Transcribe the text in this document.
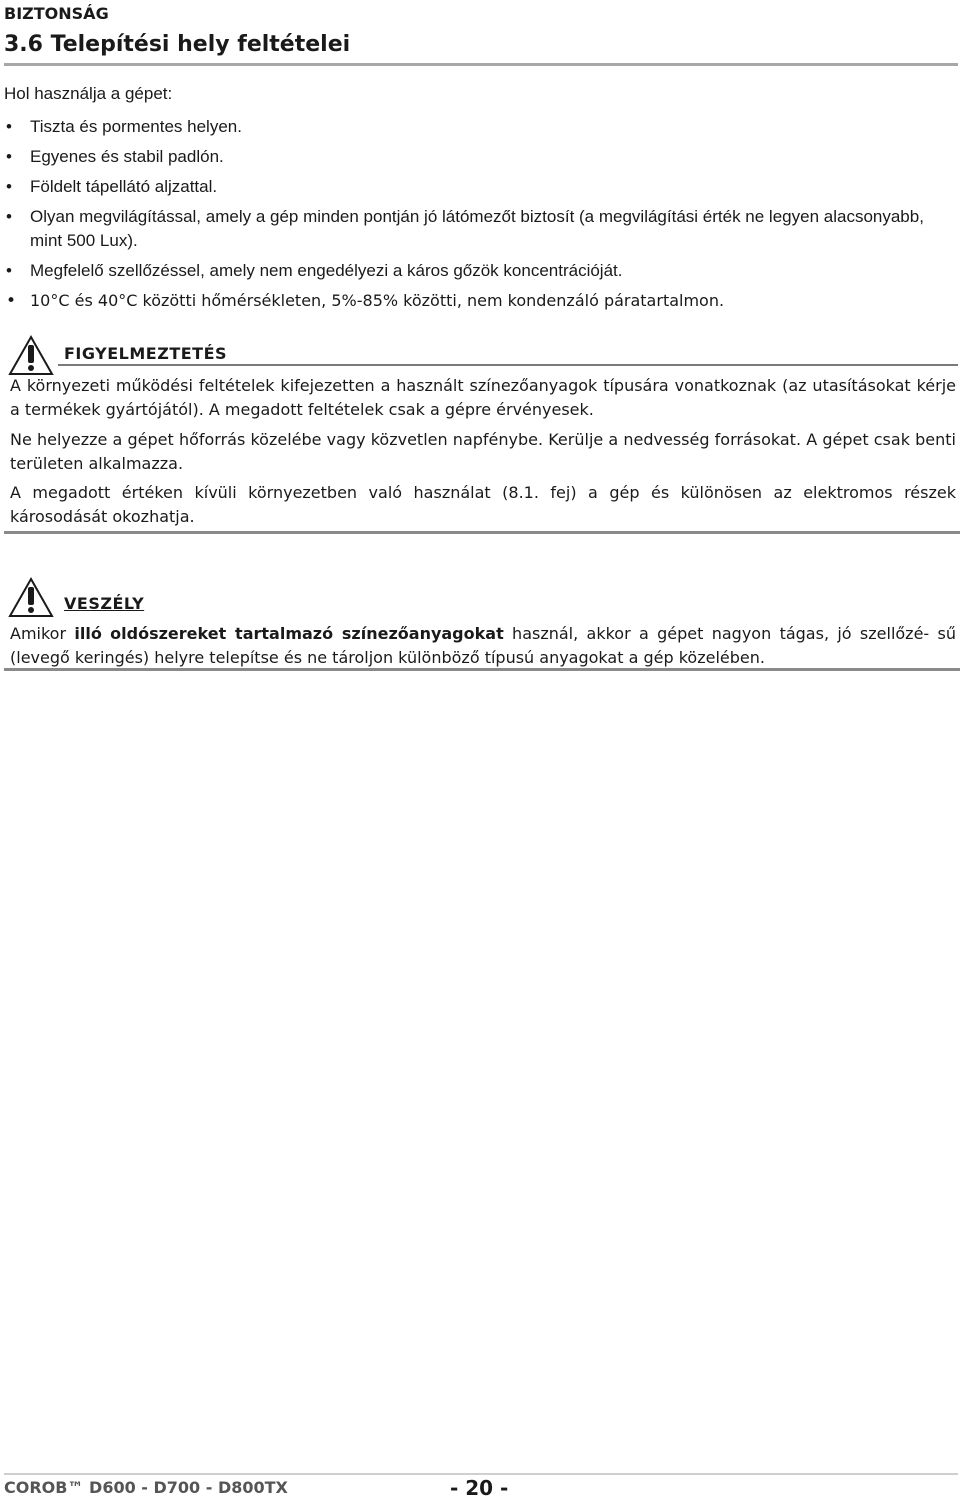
BIZTONSÁG
3.6 Telepítési hely feltételei
Hol használja a gépet:
• Tiszta és pormentes helyen.
• Egyenes és stabil padlón.
• Földelt tápellátó aljzattal.
• Olyan megvilágítással, amely a gép minden pontján jó látómezőt biztosít (a megvilágítási érték ne legyen alacsonyabb, mint 500 Lux).
• Megfelelő szellőzéssel, amely nem engedélyezi a káros gőzök koncentrációját.
• 10°C és 40°C közötti hőmérsékleten, 5%-85% közötti, nem kondenzáló páratartalmon.
FIGYELMEZTETÉS

A környezeti működési feltételek kifejezetten a használt színezőanyagok típusára vonatkoznak (az utasításokat kérje a termékek gyártójától). A megadott feltételek csak a gépre érvényesek.

Ne helyezze a gépet hőforrás közelébe vagy közvetlen napfénybe. Kerülje a nedvesség forrásokat. A gépet csak benti területen alkalmazza.

A megadott értéken kívüli környezetben való használat (8.1. fej) a gép és különösen az elektromos részek károsodását okozhatja.

VESZÉLY

Amikor illó oldószereket tartalmazó színezőanyagokat használ, akkor a gépet nagyon tágas, jó szellőzé- sű (levegő keringés) helyre telepítse és ne tároljon különböző típusú anyagokat a gép közelében.

COROB™ D600 - D700 - D800TX	- 20 -
